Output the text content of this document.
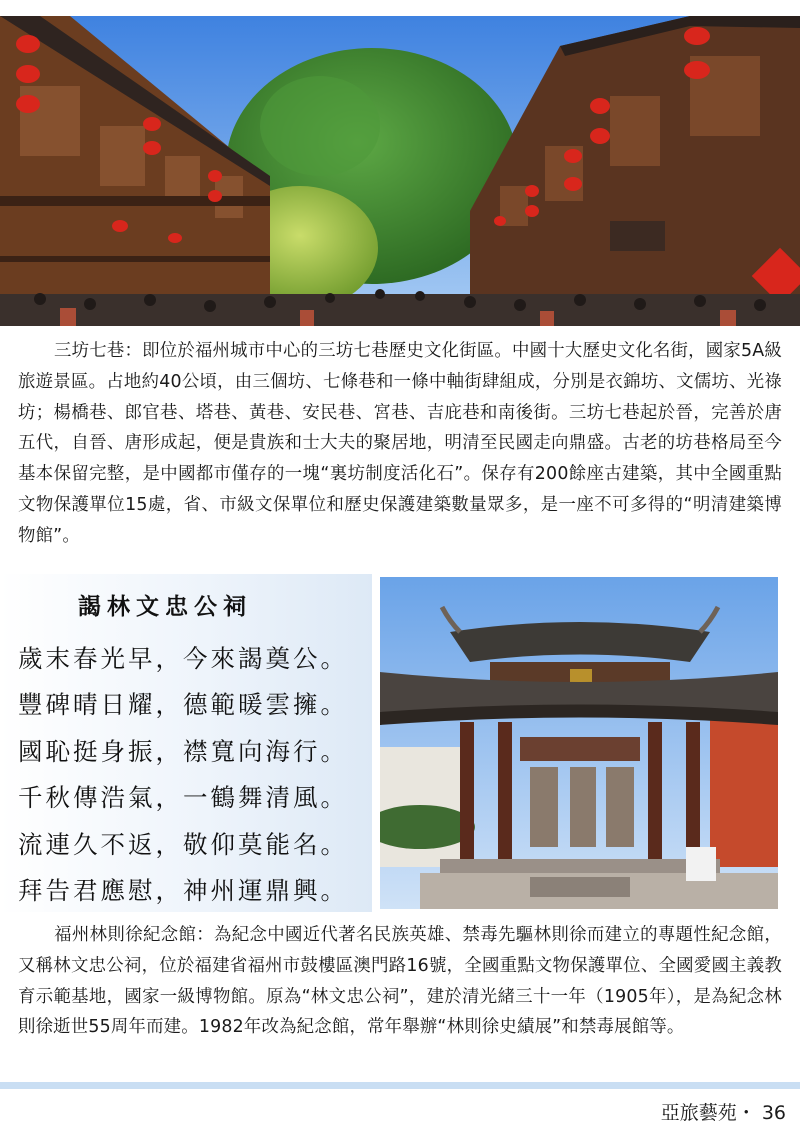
三坊七巷：即位於福州城市中心的三坊七巷歷史文化街區。中國十大歷史文化名街，國家5A級旅遊景區。占地約40公頃，由三個坊、七條巷和一條中軸街肆組成，分別是衣錦坊、文儒坊、光祿坊；楊橋巷、郎官巷、塔巷、黃巷、安民巷、宮巷、吉庇巷和南後街。三坊七巷起於晉，完善於唐五代，自晉、唐形成起，便是貴族和士大夫的聚居地，明清至民國走向鼎盛。古老的坊巷格局至今基本保留完整，是中國都市僅存的一塊“裏坊制度活化石”。保存有200餘座古建築，其中全國重點文物保護單位15處，省、市級文保單位和歷史保護建築數量眾多，是一座不可多得的“明清建築博物館”。

謁林文忠公祠
歲末春光早，今來謁奠公。
豐碑晴日耀，德範暖雲擁。
國恥挺身振，襟寬向海行。
千秋傳浩氣，一鶴舞清風。
流連久不返，敬仰莫能名。
拜告君應慰，神州運鼎興。

福州林則徐紀念館：為紀念中國近代著名民族英雄、禁毒先驅林則徐而建立的專題性紀念館，又稱林文忠公祠，位於福建省福州市鼓樓區澳門路16號，全國重點文物保護單位、全國愛國主義教育示範基地，國家一級博物館。原為“林文忠公祠”，建於清光緒三十一年（1905年），是為紀念林則徐逝世55周年而建。1982年改為紀念館，常年舉辦“林則徐史績展”和禁毒展館等。

亞旅藝苑・ 36
